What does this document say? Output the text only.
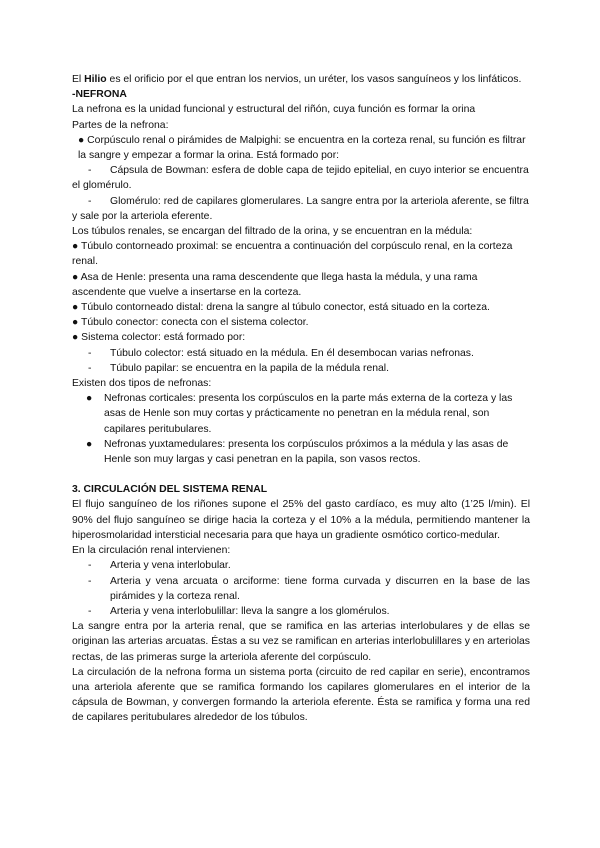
El Hilio es el orificio por el que entran los nervios, un uréter, los vasos sanguíneos y los linfáticos.

-NEFRONA

La nefrona es la unidad funcional y estructural del riñón, cuya función es formar la orina

Partes de la nefrona:

● Corpúsculo renal o pirámides de Malpighi: se encuentra en la corteza renal, su función es filtrar la sangre y empezar a formar la orina. Está formado por:

-	Cápsula de Bowman: esfera de doble capa de tejido epitelial, en cuyo interior se encuentra el glomérulo.
-	Glomérulo: red de capilares glomerulares. La sangre entra por la arteriola aferente, se filtra y sale por la arteriola eferente.

Los túbulos renales, se encargan del filtrado de la orina, y se encuentran en la médula:

● Túbulo contorneado proximal: se encuentra a continuación del corpúsculo renal, en la corteza renal.

● Asa de Henle: presenta una rama descendente que llega hasta la médula, y una rama ascendente que vuelve a insertarse en la corteza.

● Túbulo contorneado distal: drena la sangre al túbulo conector, está situado en la corteza.

● Túbulo conector: conecta con el sistema colector.

● Sistema colector: está formado por:

-	Túbulo colector: está situado en la médula. En él desembocan varias nefronas.
-	Túbulo papilar: se encuentra en la papila de la médula renal.

Existen dos tipos de nefronas:

●	Nefronas corticales: presenta los corpúsculos en la parte más externa de la corteza y las asas de Henle son muy cortas y prácticamente no penetran en la médula renal, son capilares peritubulares.
●	Nefronas yuxtamedulares: presenta los corpúsculos próximos a la médula y las asas de Henle son muy largas y casi penetran en la papila, son vasos rectos.

3. CIRCULACIÓN DEL SISTEMA RENAL

El flujo sanguíneo de los riñones supone el 25% del gasto cardíaco, es muy alto (1’25 l/min). El 90% del flujo sanguíneo se dirige hacia la corteza y el 10% a la médula, permitiendo mantener la hiperosmolaridad intersticial necesaria para que haya un gradiente osmótico cortico-medular.

En la circulación renal intervienen:

-	Arteria y vena interlobular.
-	Arteria y vena arcuata o arciforme: tiene forma curvada y discurren en la base de las pirámides y la corteza renal.
-	Arteria y vena interlobulillar: lleva la sangre a los glomérulos.

La sangre entra por la arteria renal, que se ramifica en las arterias interlobulares y de ellas se originan las arterias arcuatas. Éstas a su vez se ramifican en arterias interlobulillares y en arteriolas rectas, de las primeras surge la arteriola aferente del corpúsculo.

La circulación de la nefrona forma un sistema porta (circuito de red capilar en serie), encontramos una arteriola aferente que se ramifica formando los capilares glomerulares en el interior de la cápsula de Bowman, y convergen formando la arteriola eferente. Ésta se ramifica y forma una red de capilares peritubulares alrededor de los túbulos.
